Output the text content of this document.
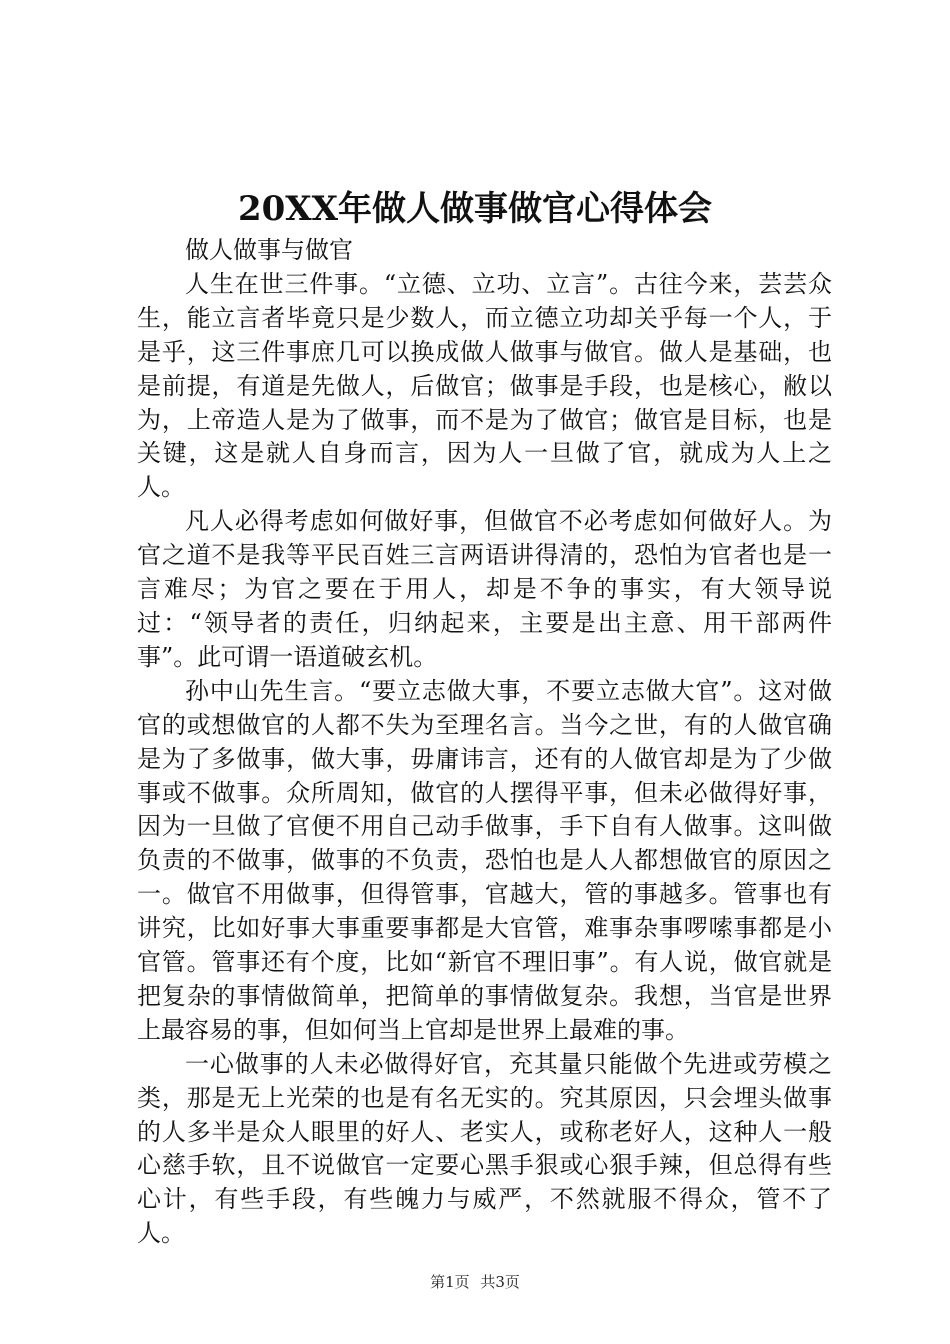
20XX年做人做事做官心得体会

做人做事与做官

人生在世三件事。“立德、立功、立言”。古往今来，芸芸众生，能立言者毕竟只是少数人，而立德立功却关乎每一个人，于是乎，这三件事庶几可以换成做人做事与做官。做人是基础，也是前提，有道是先做人，后做官；做事是手段，也是核心，敝以为，上帝造人是为了做事，而不是为了做官；做官是目标，也是关键，这是就人自身而言，因为人一旦做了官，就成为人上之人。

凡人必得考虑如何做好事，但做官不必考虑如何做好人。为官之道不是我等平民百姓三言两语讲得清的，恐怕为官者也是一言难尽；为官之要在于用人，却是不争的事实，有大领导说过：“领导者的责任，归纳起来，主要是出主意、用干部两件事”。此可谓一语道破玄机。

孙中山先生言。“要立志做大事，不要立志做大官”。这对做官的或想做官的人都不失为至理名言。当今之世，有的人做官确是为了多做事，做大事，毋庸讳言，还有的人做官却是为了少做事或不做事。众所周知，做官的人摆得平事，但未必做得好事，因为一旦做了官便不用自己动手做事，手下自有人做事。这叫做负责的不做事，做事的不负责，恐怕也是人人都想做官的原因之一。做官不用做事，但得管事，官越大，管的事越多。管事也有讲究，比如好事大事重要事都是大官管，难事杂事啰嗦事都是小官管。管事还有个度，比如“新官不理旧事”。有人说，做官就是把复杂的事情做简单，把简单的事情做复杂。我想，当官是世界上最容易的事，但如何当上官却是世界上最难的事。

一心做事的人未必做得好官，充其量只能做个先进或劳模之类，那是无上光荣的也是有名无实的。究其原因，只会埋头做事的人多半是众人眼里的好人、老实人，或称老好人，这种人一般心慈手软，且不说做官一定要心黑手狠或心狠手辣，但总得有些心计，有些手段，有些魄力与威严，不然就服不得众，管不了人。

第1页 共3页
